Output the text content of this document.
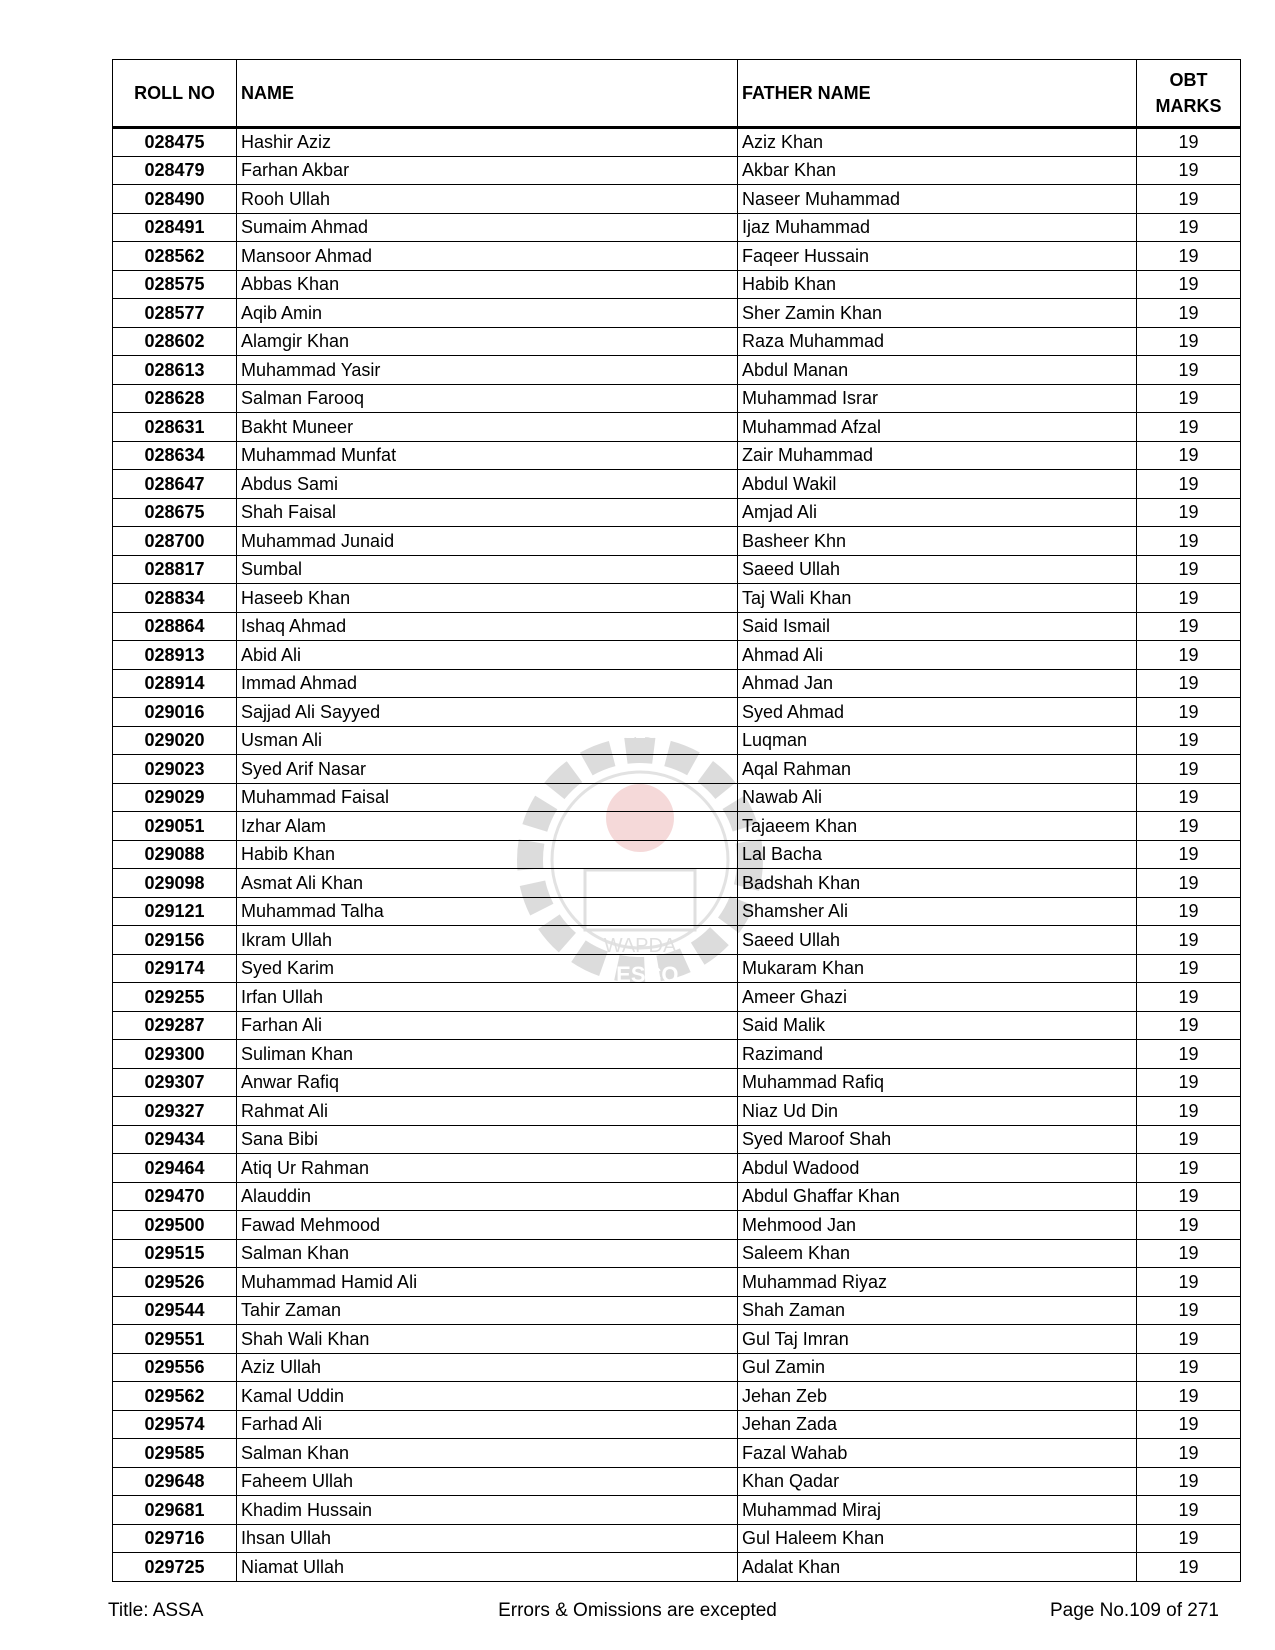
WAPDA
PESCO
PESHAWAR ELECTRIC SUPPLY
ROLL NO	NAME	FATHER NAME	OBT
MARKS

028475	Hashir Aziz	Aziz Khan	19
028479	Farhan Akbar	Akbar Khan	19
028490	Rooh Ullah	Naseer Muhammad	19
028491	Sumaim Ahmad	Ijaz Muhammad	19
028562	Mansoor Ahmad	Faqeer Hussain	19
028575	Abbas Khan	Habib Khan	19
028577	Aqib Amin	Sher Zamin Khan	19
028602	Alamgir Khan	Raza Muhammad	19
028613	Muhammad Yasir	Abdul Manan	19
028628	Salman Farooq	Muhammad Israr	19
028631	Bakht Muneer	Muhammad Afzal	19
028634	Muhammad Munfat	Zair Muhammad	19
028647	Abdus Sami	Abdul Wakil	19
028675	Shah Faisal	Amjad Ali	19
028700	Muhammad Junaid	Basheer Khn	19
028817	Sumbal	Saeed Ullah	19
028834	Haseeb Khan	Taj Wali Khan	19
028864	Ishaq Ahmad	Said Ismail	19
028913	Abid Ali	Ahmad Ali	19
028914	Immad Ahmad	Ahmad Jan	19
029016	Sajjad Ali Sayyed	Syed Ahmad	19
029020	Usman Ali	Luqman	19
029023	Syed Arif Nasar	Aqal Rahman	19
029029	Muhammad Faisal	Nawab Ali	19
029051	Izhar Alam	Tajaeem Khan	19
029088	Habib Khan	Lal Bacha	19
029098	Asmat Ali Khan	Badshah Khan	19
029121	Muhammad Talha	Shamsher Ali	19
029156	Ikram Ullah	Saeed Ullah	19
029174	Syed Karim	Mukaram Khan	19
029255	Irfan Ullah	Ameer Ghazi	19
029287	Farhan Ali	Said Malik	19
029300	Suliman Khan	Razimand	19
029307	Anwar Rafiq	Muhammad Rafiq	19
029327	Rahmat Ali	Niaz Ud Din	19
029434	Sana Bibi	Syed Maroof Shah	19
029464	Atiq Ur Rahman	Abdul Wadood	19
029470	Alauddin	Abdul Ghaffar Khan	19
029500	Fawad Mehmood	Mehmood Jan	19
029515	Salman Khan	Saleem Khan	19
029526	Muhammad Hamid Ali	Muhammad Riyaz	19
029544	Tahir Zaman	Shah Zaman	19
029551	Shah Wali Khan	Gul Taj Imran	19
029556	Aziz Ullah	Gul Zamin	19
029562	Kamal Uddin	Jehan Zeb	19
029574	Farhad Ali	Jehan Zada	19
029585	Salman Khan	Fazal Wahab	19
029648	Faheem Ullah	Khan Qadar	19
029681	Khadim Hussain	Muhammad Miraj	19
029716	Ihsan Ullah	Gul Haleem Khan	19
029725	Niamat Ullah	Adalat Khan	19
Title: ASSA	Errors & Omissions are excepted	Page No.109 of 271
